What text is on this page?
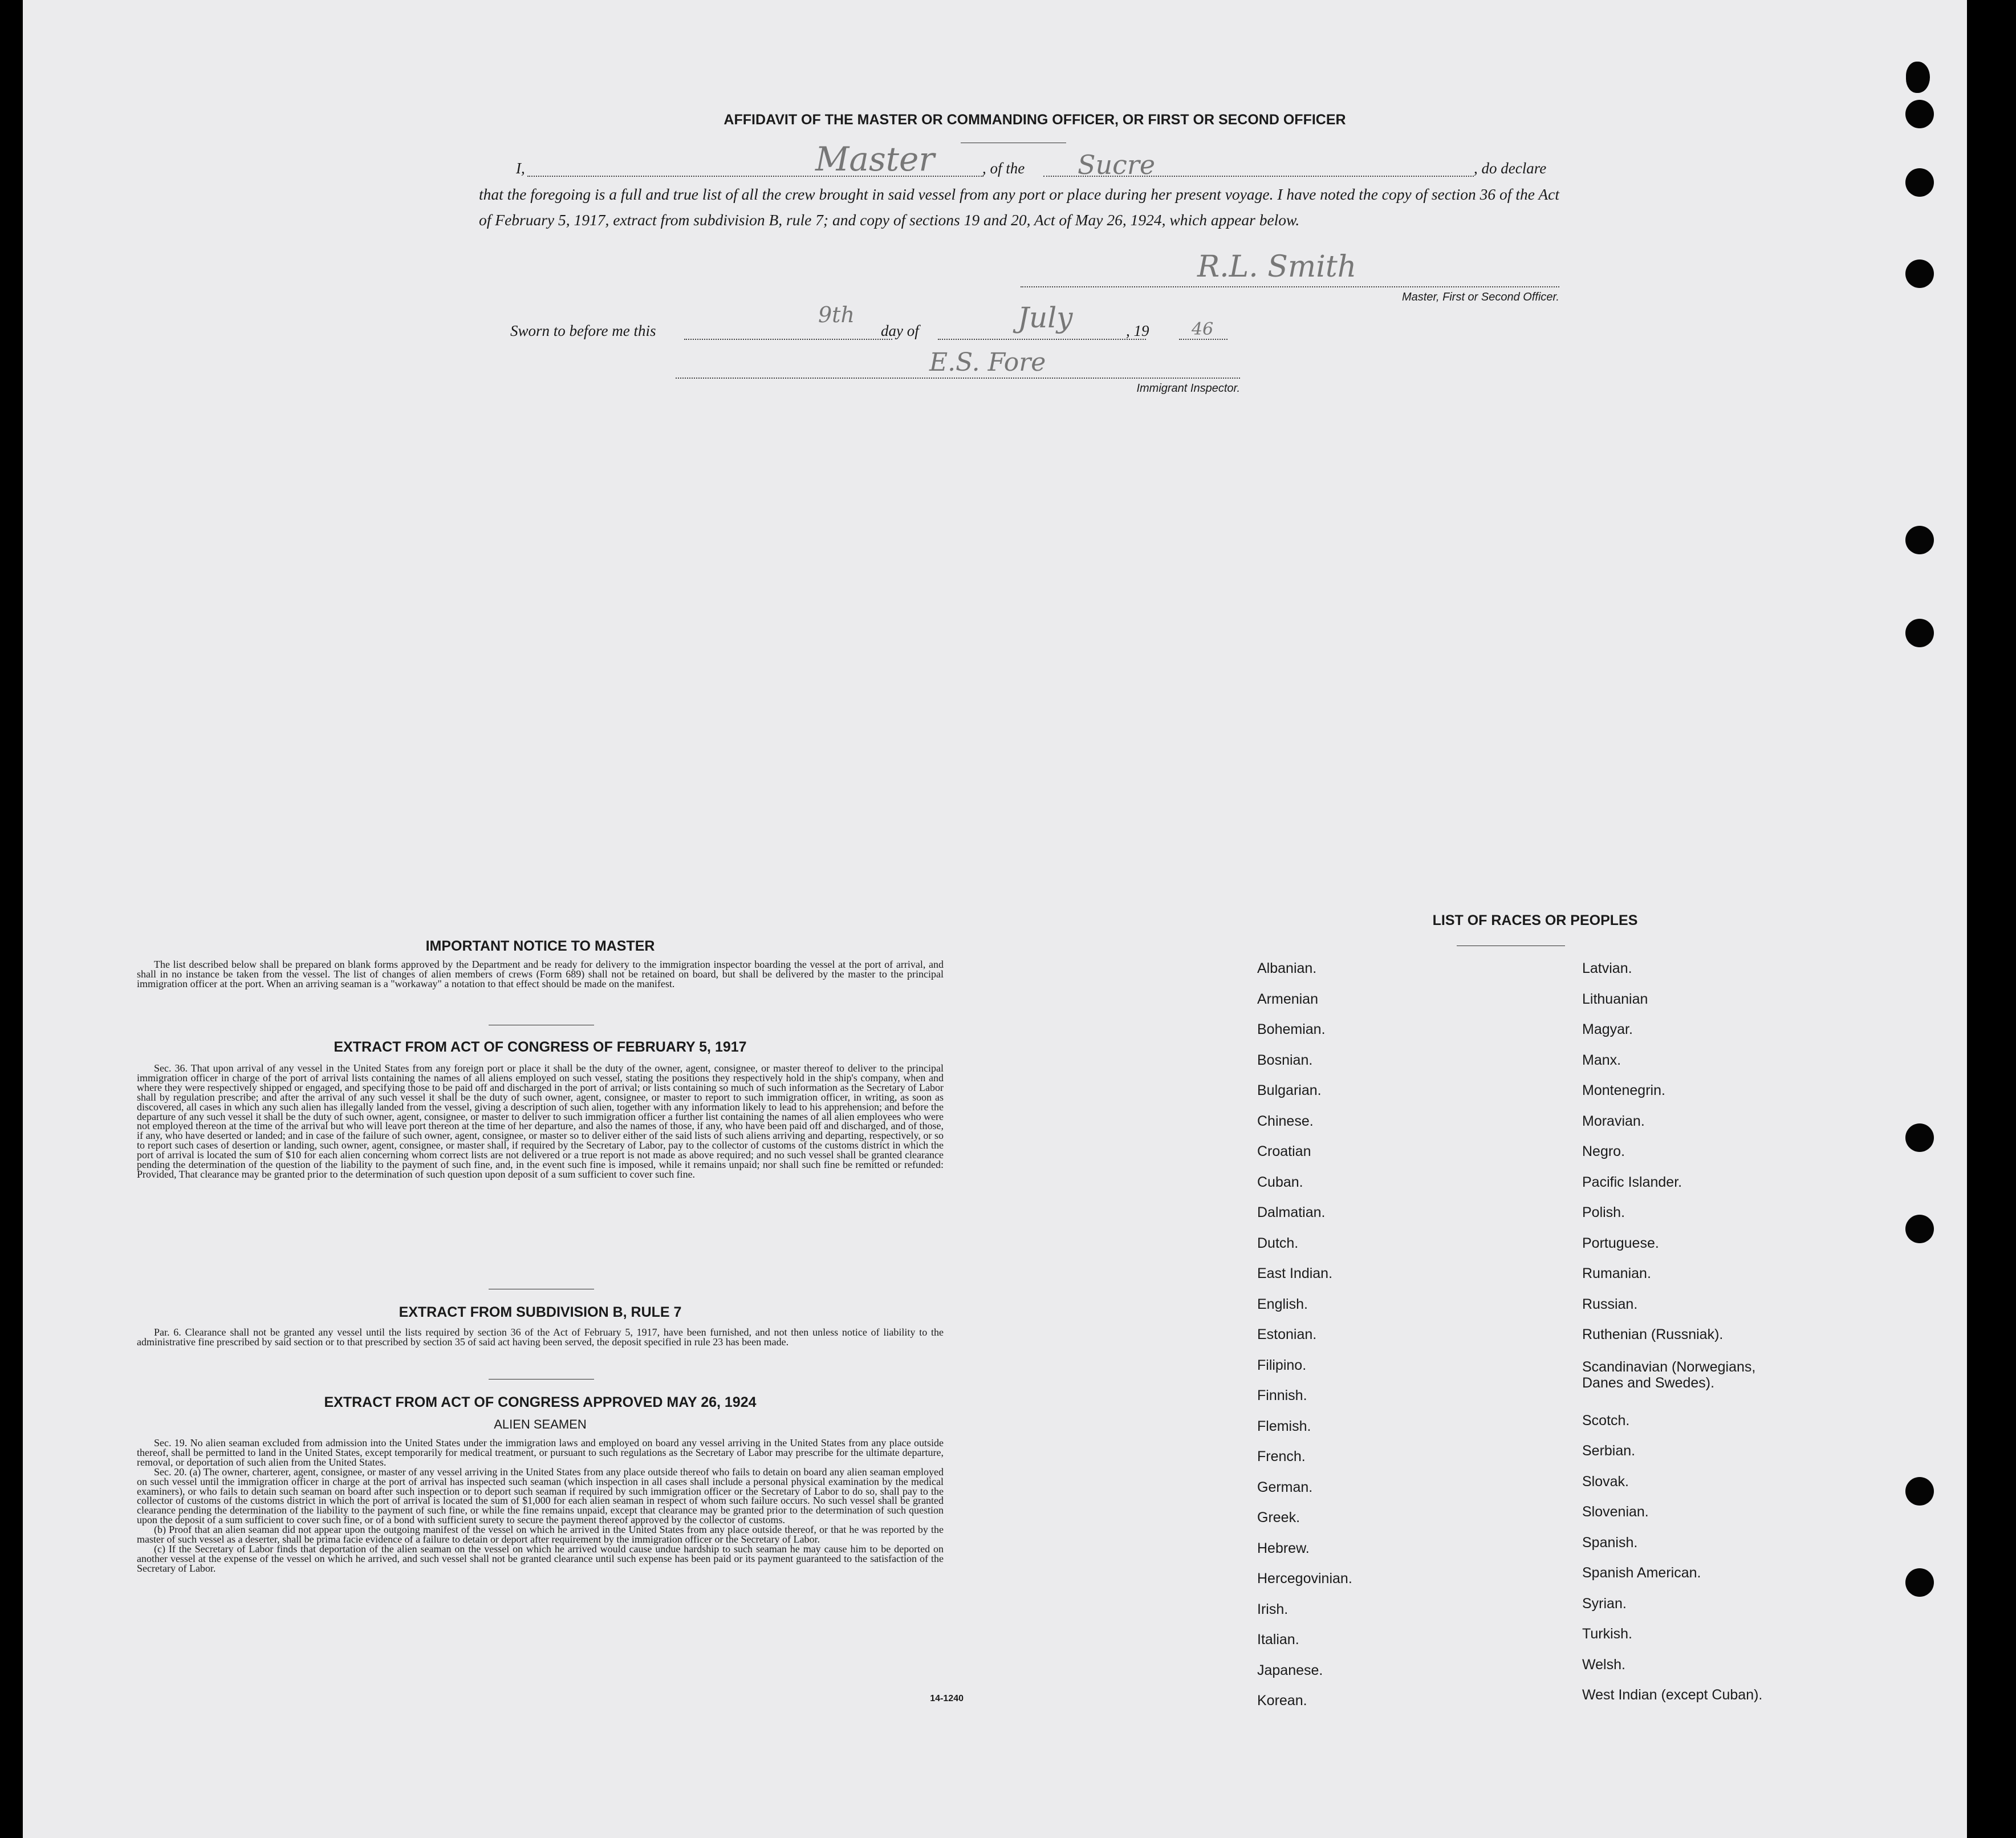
AFFIDAVIT OF THE MASTER OR COMMANDING OFFICER, OR FIRST OR SECOND OFFICER
I,	, of the	, do declare
Master	Sucre
that the foregoing is a full and true list of all the crew brought in said vessel from any port or place during her present voyage. I have noted the copy of section 36 of the Act of February 5, 1917, extract from subdivision B, rule 7; and copy of sections 19 and 20, Act of May 26, 1924, which appear below.
R.L. Smith
Master, First or Second Officer.
Sworn to before me this	day of	, 19
9th	July	46
E.S. Fore
Immigrant Inspector.
IMPORTANT NOTICE TO MASTER

The list described below shall be prepared on blank forms approved by the Department and be ready for delivery to the immigration inspector boarding the vessel at the port of arrival, and shall in no instance be taken from the vessel. The list of changes of alien members of crews (Form 689) shall not be retained on board, but shall be delivered by the master to the principal immigration officer at the port. When an arriving seaman is a "workaway" a notation to that effect should be made on the manifest.

EXTRACT FROM ACT OF CONGRESS OF FEBRUARY 5, 1917

Sec. 36. That upon arrival of any vessel in the United States from any foreign port or place it shall be the duty of the owner, agent, consignee, or master thereof to deliver to the principal immigration officer in charge of the port of arrival lists containing the names of all aliens employed on such vessel, stating the positions they respectively hold in the ship's company, when and where they were respectively shipped or engaged, and specifying those to be paid off and discharged in the port of arrival; or lists containing so much of such information as the Secretary of Labor shall by regulation prescribe; and after the arrival of any such vessel it shall be the duty of such owner, agent, consignee, or master to report to such immigration officer, in writing, as soon as discovered, all cases in which any such alien has illegally landed from the vessel, giving a description of such alien, together with any information likely to lead to his apprehension; and before the departure of any such vessel it shall be the duty of such owner, agent, consignee, or master to deliver to such immigration officer a further list containing the names of all alien employees who were not employed thereon at the time of the arrival but who will leave port thereon at the time of her departure, and also the names of those, if any, who have been paid off and discharged, and of those, if any, who have deserted or landed; and in case of the failure of such owner, agent, consignee, or master so to deliver either of the said lists of such aliens arriving and departing, respectively, or so to report such cases of desertion or landing, such owner, agent, consignee, or master shall, if required by the Secretary of Labor, pay to the collector of customs of the customs district in which the port of arrival is located the sum of $10 for each alien concerning whom correct lists are not delivered or a true report is not made as above required; and no such vessel shall be granted clearance pending the determination of the question of the liability to the payment of such fine, and, in the event such fine is imposed, while it remains unpaid; nor shall such fine be remitted or refunded: Provided, That clearance may be granted prior to the determination of such question upon deposit of a sum sufficient to cover such fine.

EXTRACT FROM SUBDIVISION B, RULE 7

Par. 6. Clearance shall not be granted any vessel until the lists required by section 36 of the Act of February 5, 1917, have been furnished, and not then unless notice of liability to the administrative fine prescribed by said section or to that prescribed by section 35 of said act having been served, the deposit specified in rule 23 has been made.

EXTRACT FROM ACT OF CONGRESS APPROVED MAY 26, 1924
ALIEN SEAMEN

Sec. 19. No alien seaman excluded from admission into the United States under the immigration laws and employed on board any vessel arriving in the United States from any place outside thereof, shall be permitted to land in the United States, except temporarily for medical treatment, or pursuant to such regulations as the Secretary of Labor may prescribe for the ultimate departure, removal, or deportation of such alien from the United States.

Sec. 20. (a) The owner, charterer, agent, consignee, or master of any vessel arriving in the United States from any place outside thereof who fails to detain on board any alien seaman employed on such vessel until the immigration officer in charge at the port of arrival has inspected such seaman (which inspection in all cases shall include a personal physical examination by the medical examiners), or who fails to detain such seaman on board after such inspection or to deport such seaman if required by such immigration officer or the Secretary of Labor to do so, shall pay to the collector of customs of the customs district in which the port of arrival is located the sum of $1,000 for each alien seaman in respect of whom such failure occurs. No such vessel shall be granted clearance pending the determination of the liability to the payment of such fine, or while the fine remains unpaid, except that clearance may be granted prior to the determination of such question upon the deposit of a sum sufficient to cover such fine, or of a bond with sufficient surety to secure the payment thereof approved by the collector of customs.

(b) Proof that an alien seaman did not appear upon the outgoing manifest of the vessel on which he arrived in the United States from any place outside thereof, or that he was reported by the master of such vessel as a deserter, shall be prima facie evidence of a failure to detain or deport after requirement by the immigration officer or the Secretary of Labor.

(c) If the Secretary of Labor finds that deportation of the alien seaman on the vessel on which he arrived would cause undue hardship to such seaman he may cause him to be deported on another vessel at the expense of the vessel on which he arrived, and such vessel shall not be granted clearance until such expense has been paid or its payment guaranteed to the satisfaction of the Secretary of Labor.

14-1240
LIST OF RACES OR PEOPLES
Albanian.
Armenian
Bohemian.
Bosnian.
Bulgarian.
Chinese.
Croatian
Cuban.
Dalmatian.
Dutch.
East Indian.
English.
Estonian.
Filipino.
Finnish.
Flemish.
French.
German.
Greek.
Hebrew.
Hercegovinian.
Irish.
Italian.
Japanese.
Korean.
Latvian.
Lithuanian
Magyar.
Manx.
Montenegrin.
Moravian.
Negro.
Pacific Islander.
Polish.
Portuguese.
Rumanian.
Russian.
Ruthenian (Russniak).
Scandinavian (Norwegians, Danes and Swedes).
Scotch.
Serbian.
Slovak.
Slovenian.
Spanish.
Spanish American.
Syrian.
Turkish.
Welsh.
West Indian (except Cuban).
